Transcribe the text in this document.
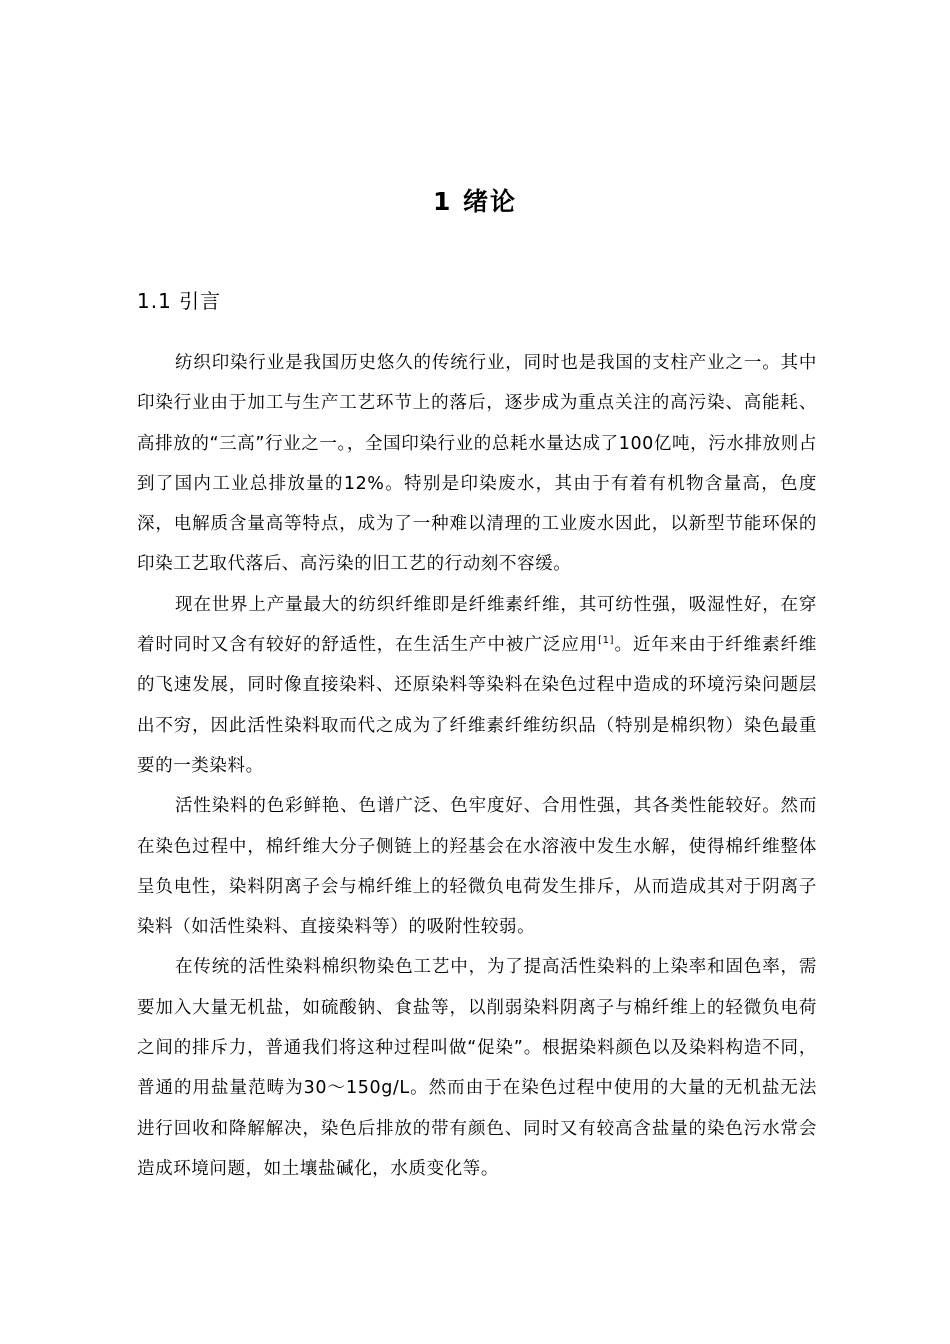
1 绪论
1.1 引言

纺织印染行业是我国历史悠久的传统行业，同时也是我国的支柱产业之一。其中印染行业由于加工与生产工艺环节上的落后，逐步成为重点关注的高污染、高能耗、高排放的“三高”行业之一。，全国印染行业的总耗水量达成了100亿吨，污水排放则占到了国内工业总排放量的12%。特别是印染废水，其由于有着有机物含量高，色度深，电解质含量高等特点，成为了一种难以清理的工业废水因此，以新型节能环保的印染工艺取代落后、高污染的旧工艺的行动刻不容缓。

现在世界上产量最大的纺织纤维即是纤维素纤维，其可纺性强，吸湿性好，在穿着时同时又含有较好的舒适性，在生活生产中被广泛应用[1]。近年来由于纤维素纤维的飞速发展，同时像直接染料、还原染料等染料在染色过程中造成的环境污染问题层出不穷，因此活性染料取而代之成为了纤维素纤维纺织品（特别是棉织物）染色最重要的一类染料。

活性染料的色彩鲜艳、色谱广泛、色牢度好、合用性强，其各类性能较好。然而在染色过程中，棉纤维大分子侧链上的羟基会在水溶液中发生水解，使得棉纤维整体呈负电性，染料阴离子会与棉纤维上的轻微负电荷发生排斥，从而造成其对于阴离子染料（如活性染料、直接染料等）的吸附性较弱。

在传统的活性染料棉织物染色工艺中，为了提高活性染料的上染率和固色率，需要加入大量无机盐，如硫酸钠、食盐等，以削弱染料阴离子与棉纤维上的轻微负电荷之间的排斥力，普通我们将这种过程叫做“促染”。根据染料颜色以及染料构造不同，普通的用盐量范畴为30～150g/L。然而由于在染色过程中使用的大量的无机盐无法进行回收和降解解决，染色后排放的带有颜色、同时又有较高含盐量的染色污水常会造成环境问题，如土壤盐碱化，水质变化等。
